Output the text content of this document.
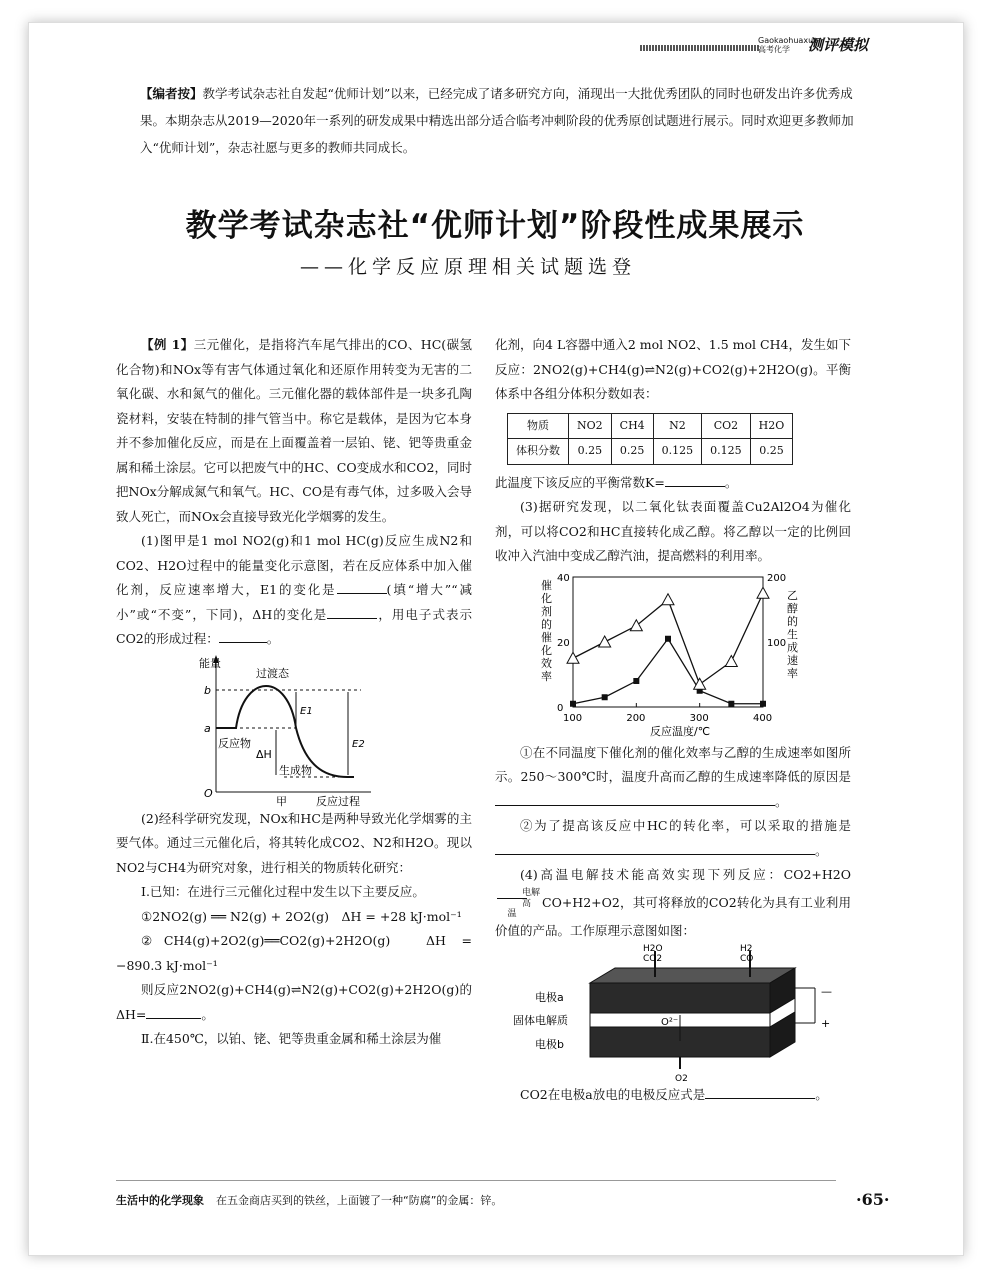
Gaokaohuaxue
高考化学	测评模拟
【编者按】教学考试杂志社自发起“优师计划”以来，已经完成了诸多研究方向，涌现出一大批优秀团队的同时也研发出许多优秀成果。本期杂志从2019—2020年一系列的研发成果中精选出部分适合临考冲刺阶段的优秀原创试题进行展示。同时欢迎更多教师加入“优师计划”，杂志社愿与更多的教师共同成长。
教学考试杂志社“优师计划”阶段性成果展示
——化学反应原理相关试题选登

【例 1】三元催化，是指将汽车尾气排出的CO、HC(碳氢化合物)和NOx等有害气体通过氧化和还原作用转变为无害的二氧化碳、水和氮气的催化。三元催化器的载体部件是一块多孔陶瓷材料，安装在特制的排气管当中。称它是载体，是因为它本身并不参加催化反应，而是在上面覆盖着一层铂、铑、钯等贵重金属和稀土涂层。它可以把废气中的HC、CO变成水和CO2，同时把NOx分解成氮气和氧气。HC、CO是有毒气体，过多吸入会导致人死亡，而NOx会直接导致光化学烟雾的发生。

(1)图甲是1 mol NO2(g)和1 mol HC(g)反应生成N2和CO2、H2O过程中的能量变化示意图，若在反应体系中加入催化剂，反应速率增大，E1的变化是	(填“增大”“减小”或“不变”，下同)，ΔH的变化是	，用电子式表示CO2的形成过程：	。

能量
b
a
O
过渡态
E1
E2
ΔH
反应物
生成物
反应过程
甲

(2)经科学研究发现，NOx和HC是两种导致光化学烟雾的主要气体。通过三元催化后，将其转化成CO2、N2和H2O。现以NO2与CH4为研究对象，进行相关的物质转化研究：

Ⅰ.已知：在进行三元催化过程中发生以下主要反应。

①2NO2(g) ══ N2(g) + 2O2(g)　ΔH = +28 kJ·mol⁻¹

②CH4(g)+2O2(g)══CO2(g)+2H2O(g)　ΔH = −890.3 kJ·mol⁻¹

则反应2NO2(g)+CH4(g)⇌N2(g)+CO2(g)+2H2O(g)的ΔH=	。

Ⅱ.在450℃，以铂、铑、钯等贵重金属和稀土涂层为催

化剂，向4 L容器中通入2 mol NO2、1.5 mol CH4，发生如下反应：2NO2(g)+CH4(g)⇌N2(g)+CO2(g)+2H2O(g)。平衡体系中各组分体积分数如表：

物质	NO2	CH4	N2	CO2	H2O
体积分数	0.25	0.25	0.125	0.125	0.25

此温度下该反应的平衡常数K=	。

(3)据研究发现，以二氧化钛表面覆盖Cu2Al2O4为催化剂，可以将CO2和HC直接转化成乙醇。将乙醇以一定的比例回收冲入汽油中变成乙醇汽油，提高燃料的利用率。

100	200	300	400
0
20
40
100
200
反应温度/℃
催化剂的催化效率
乙醇的生成速率

①在不同温度下催化剂的催化效率与乙醇的生成速率如图所示。250～300℃时，温度升高而乙醇的生成速率降低的原因是。

②为了提高该反应中HC的转化率，可以采取的措施是。

(4)高温电解技术能高效实现下列反应：CO2+H2O电解

高温
CO+H2+O2，其可将释放的CO2转化为具有工业利用价值的产品。工作原理示意图如图：

H2O
CO2
H2
CO
电极a
固体电解质
电极b
O²⁻
O2
—
+

CO2在电极a放电的电极反应式是	。

生活中的化学现象 在五金商店买到的铁丝，上面镀了一种“防腐”的金属：锌。	·65·
